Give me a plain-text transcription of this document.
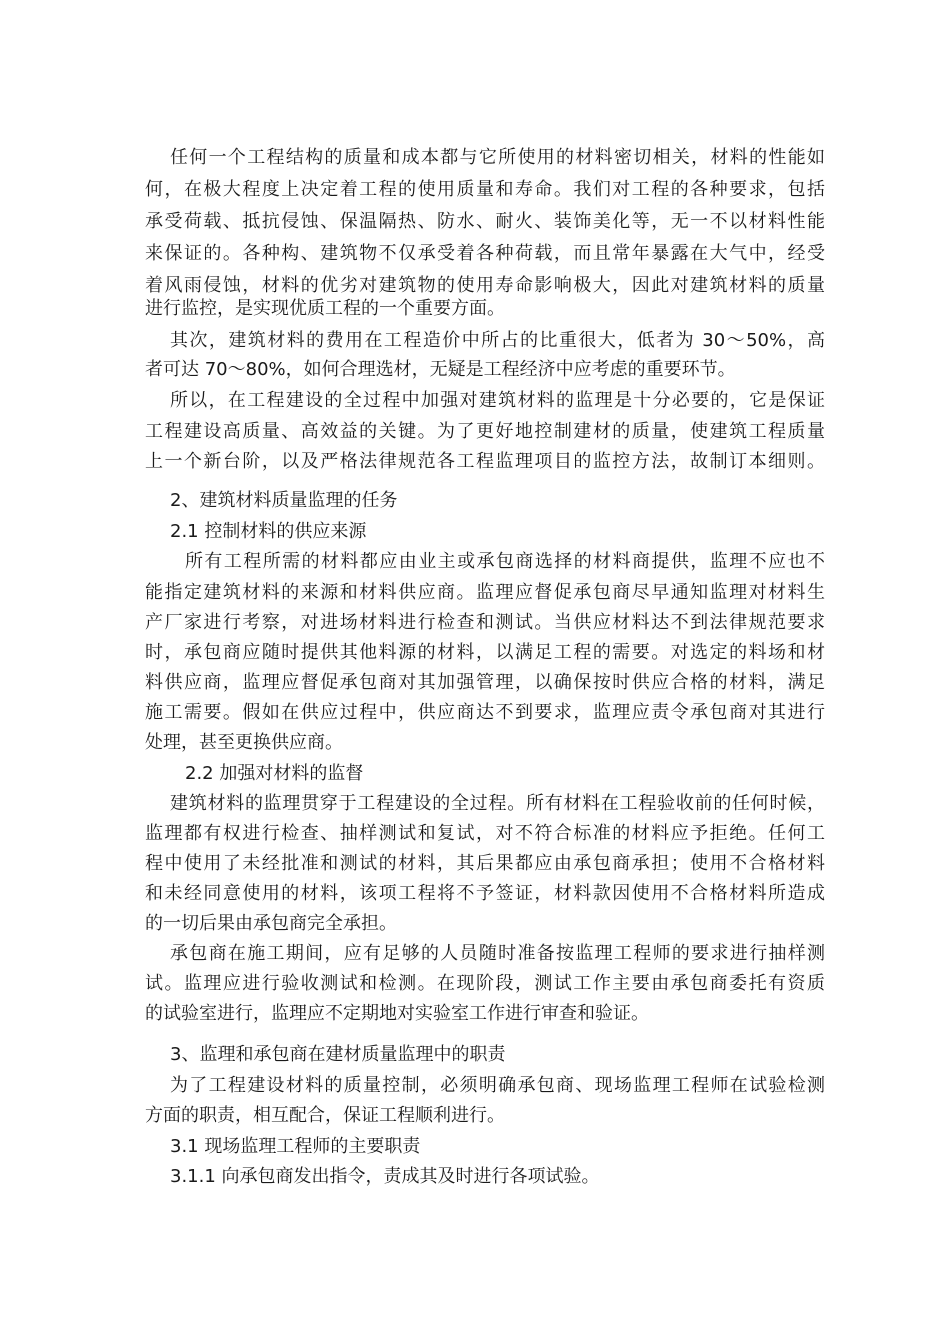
任何一个工程结构的质量和成本都与它所使用的材料密切相关，材料的性能如
何，在极大程度上决定着工程的使用质量和寿命。我们对工程的各种要求，包括
承受荷载、抵抗侵蚀、保温隔热、防水、耐火、装饰美化等，无一不以材料性能
来保证的。各种构、建筑物不仅承受着各种荷载，而且常年暴露在大气中，经受
着风雨侵蚀，材料的优劣对建筑物的使用寿命影响极大，因此对建筑材料的质量
进行监控，是实现优质工程的一个重要方面。
其次，建筑材料的费用在工程造价中所占的比重很大，低者为 30～50%，高
者可达 70～80%，如何合理选材，无疑是工程经济中应考虑的重要环节。
所以，在工程建设的全过程中加强对建筑材料的监理是十分必要的，它是保证
工程建设高质量、高效益的关键。为了更好地控制建材的质量，使建筑工程质量
上一个新台阶，以及严格法律规范各工程监理项目的监控方法，故制订本细则。
2、建筑材料质量监理的任务
2.1 控制材料的供应来源
所有工程所需的材料都应由业主或承包商选择的材料商提供，监理不应也不
能指定建筑材料的来源和材料供应商。监理应督促承包商尽早通知监理对材料生
产厂家进行考察，对进场材料进行检查和测试。当供应材料达不到法律规范要求
时，承包商应随时提供其他料源的材料，以满足工程的需要。对选定的料场和材
料供应商，监理应督促承包商对其加强管理，以确保按时供应合格的材料，满足
施工需要。假如在供应过程中，供应商达不到要求，监理应责令承包商对其进行
处理，甚至更换供应商。
2.2 加强对材料的监督
建筑材料的监理贯穿于工程建设的全过程。所有材料在工程验收前的任何时候，
监理都有权进行检查、抽样测试和复试，对不符合标准的材料应予拒绝。任何工
程中使用了未经批准和测试的材料，其后果都应由承包商承担；使用不合格材料
和未经同意使用的材料，该项工程将不予签证，材料款因使用不合格材料所造成
的一切后果由承包商完全承担。
承包商在施工期间，应有足够的人员随时准备按监理工程师的要求进行抽样测
试。监理应进行验收测试和检测。在现阶段，测试工作主要由承包商委托有资质
的试验室进行，监理应不定期地对实验室工作进行审查和验证。
3、监理和承包商在建材质量监理中的职责
为了工程建设材料的质量控制，必须明确承包商、现场监理工程师在试验检测
方面的职责，相互配合，保证工程顺利进行。
3.1 现场监理工程师的主要职责
3.1.1 向承包商发出指令，责成其及时进行各项试验。
